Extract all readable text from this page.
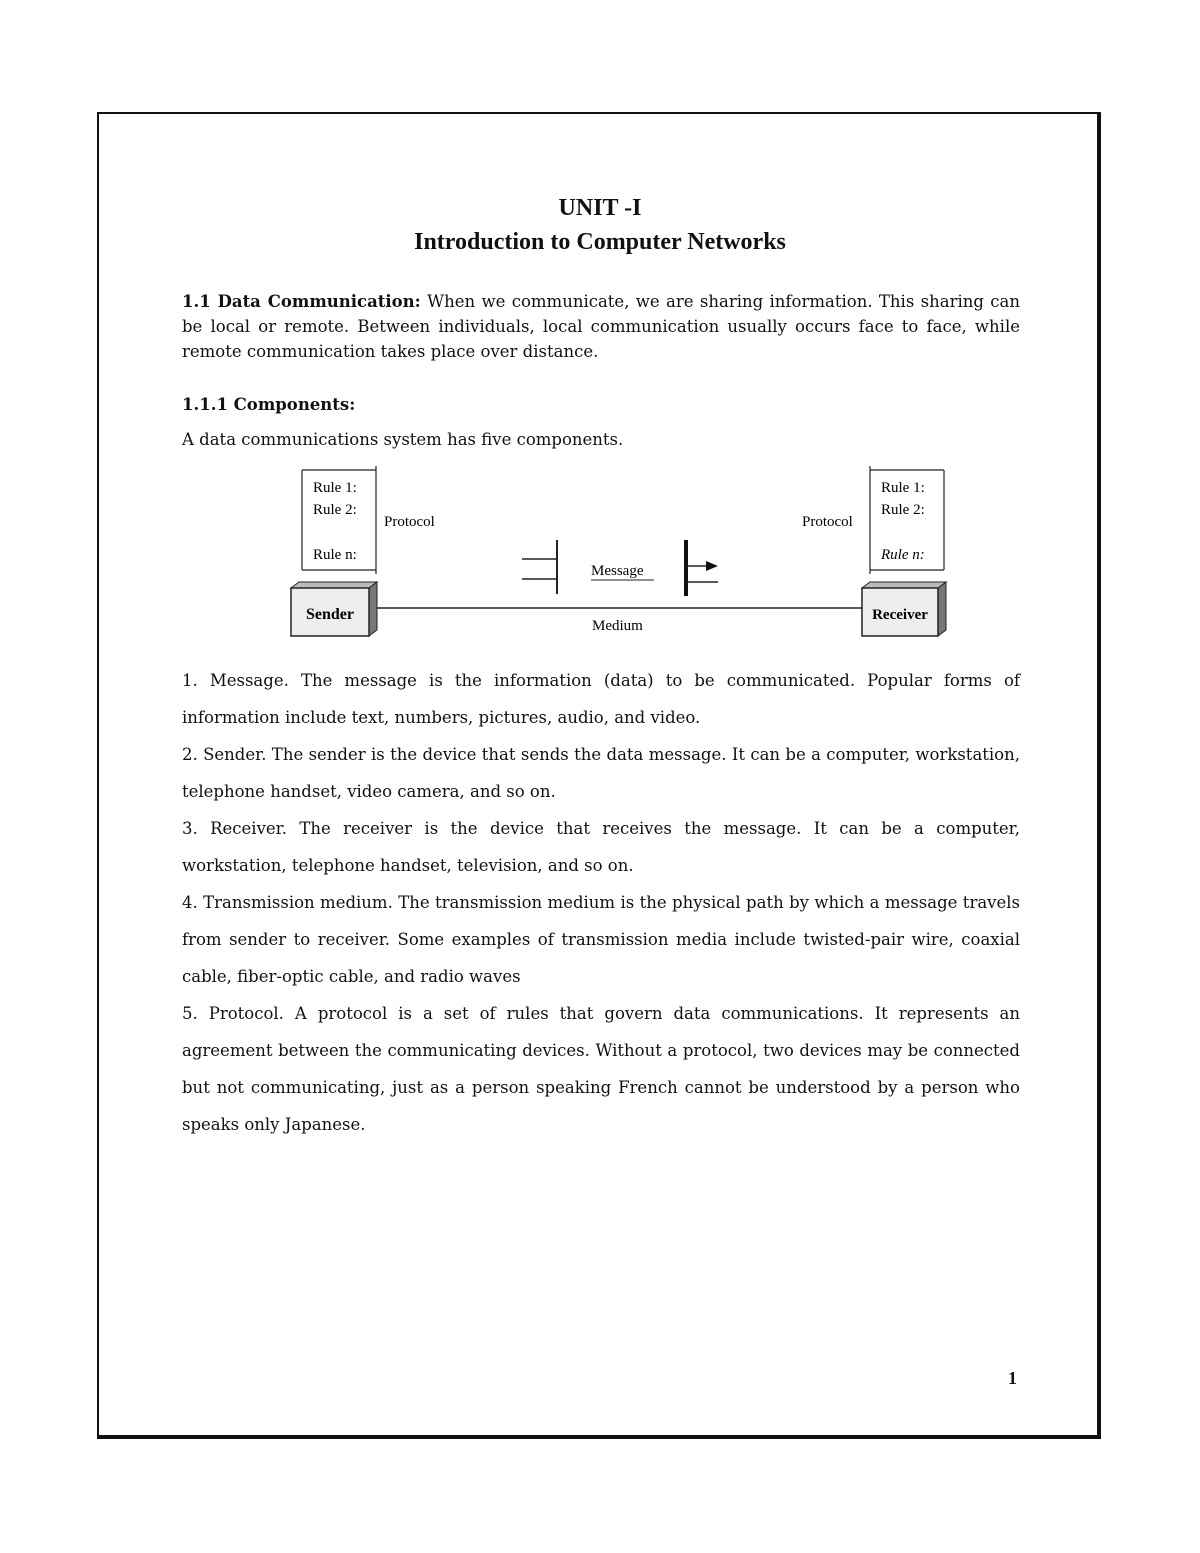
UNIT -I
Introduction to Computer Networks
1.1 Data Communication: When we communicate, we are sharing information. This sharing can be local or remote. Between individuals, local communication usually occurs face to face, while remote communication takes place over distance.
1.1.1 Components:
A data communications system has five components.
Rule 1:
Rule 2:
Rule n:
Protocol
Rule 1:
Rule 2:
Rule n:
Protocol
Message
Medium
Sender	Receiver

1. Message. The message is the information (data) to be communicated. Popular forms of information include text, numbers, pictures, audio, and video.

2. Sender. The sender is the device that sends the data message. It can be a computer, workstation, telephone handset, video camera, and so on.

3. Receiver. The receiver is the device that receives the message. It can be a computer, workstation, telephone handset, television, and so on.

4. Transmission medium. The transmission medium is the physical path by which a message travels from sender to receiver. Some examples of transmission media include twisted-pair wire, coaxial cable, fiber-optic cable, and radio waves

5. Protocol. A protocol is a set of rules that govern data communications. It represents an agreement between the communicating devices. Without a protocol, two devices may be connected but not communicating, just as a person speaking French cannot be understood by a person who speaks only Japanese.

1
